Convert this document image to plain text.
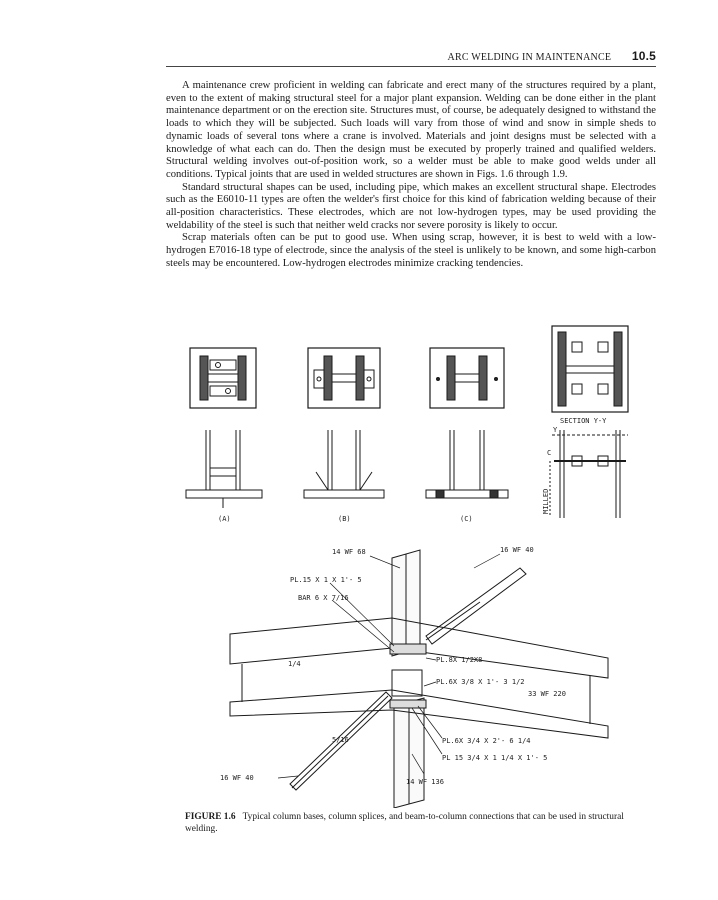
ARC WELDING IN MAINTENANCE 10.5

A maintenance crew proficient in welding can fabricate and erect many of the structures required by a plant, even to the extent of making structural steel for a major plant expansion. Welding can be done either in the plant maintenance department or on the erection site. Structures must, of course, be adequately designed to withstand the loads to which they will be subjected. Such loads will vary from those of wind and snow in simple sheds to dynamic loads of several tons where a crane is involved. Materials and joint designs must be selected with a knowledge of what each can do. Then the design must be executed by properly trained and qualified welders. Structural welding involves out-of-position work, so a welder must be able to make good welds under all conditions. Typical joints that are used in welded structures are shown in Figs. 1.6 through 1.9.

Standard structural shapes can be used, including pipe, which makes an excellent structural shape. Electrodes such as the E6010-11 types are often the welder's first choice for this kind of fabrication welding because of their all-position characteristics. These electrodes, which are not low-hydrogen types, may be used providing the weldability of the steel is such that neither weld cracks nor severe porosity is likely to occur.

Scrap materials often can be put to good use. When using scrap, however, it is best to weld with a low-hydrogen E7016-18 type of electrode, since the analysis of the steel is unlikely to be known, and some high-carbon steels may be encountered. Low-hydrogen electrodes minimize cracking tendencies.

SECTION Y-Y
(A)	(B)	(C)
Y
C
MILLED
14 WF 68	16 WF 40
PL.15 X 1 X 1'- 5
BAR 6 X 7/16
PL.8X 1/2X8
PL.6X 3/8 X 1'- 3 1/2
33 WF 220
PL.6X 3/4 X 2'- 6 1/4
PL 15 3/4 X 1 1/4 X 1'- 5
14 WF 136
16 WF 40
1/4
5/16
FIGURE 1.6 Typical column bases, column splices, and beam-to-column connections that can be used in structural welding.
